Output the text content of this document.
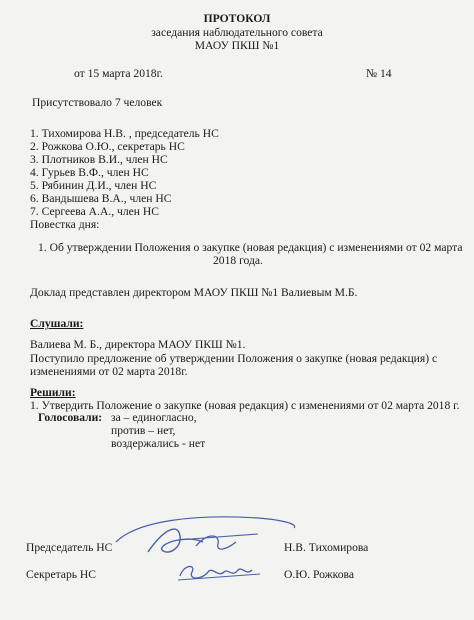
ПРОТОКОЛ
заседания наблюдательного совета
МАОУ ПКШ №1
от 15 марта 2018г.	№ 14
Присутствовало 7 человек
1. Тихомирова Н.В. , председатель НС
2. Рожкова О.Ю., секретарь НС
3. Плотников В.И., член НС
4. Гурьев В.Ф., член НС
5. Рябинин Д.И., член НС
6. Вандышева В.А., член НС
7. Сергеева А.А., член НС
Повестка дня:
1. Об утверждении Положения о закупке (новая редакция) с изменениями от 02 марта
2018 года.
Доклад представлен директором МАОУ ПКШ №1 Валиевым М.Б.
Слушали:
Валиева М. Б., директора МАОУ ПКШ №1.
Поступило предложение об утверждении Положения о закупке (новая редакция) с
изменениями от 02 марта 2018г.
Решили:
1. Утвердить Положение о закупке (новая редакция) с изменениями от 02 марта 2018 г.
Голосовали: за – единогласно,
против – нет,
воздержались - нет
Председатель НС	Н.В. Тихомирова
Секретарь НС	О.Ю. Рожкова
